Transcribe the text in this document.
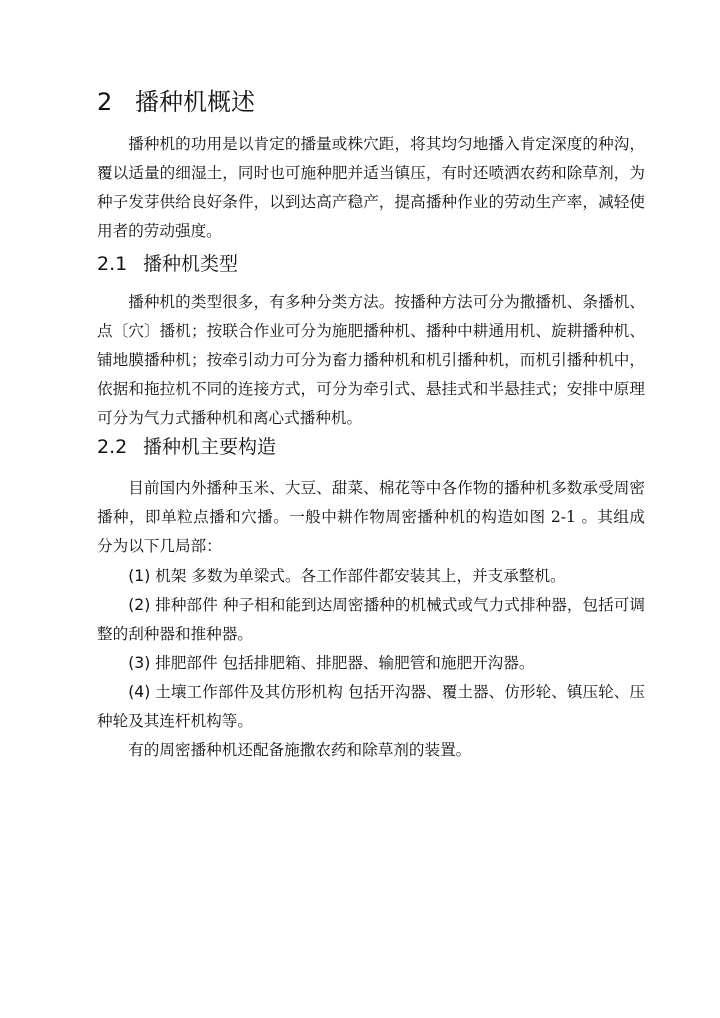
2 播种机概述

播种机的功用是以肯定的播量或株穴距，将其均匀地播入肯定深度的种沟，覆以适量的细湿土，同时也可施种肥并适当镇压，有时还喷洒农药和除草剂，为种子发芽供给良好条件，以到达高产稳产，提高播种作业的劳动生产率，减轻使用者的劳动强度。

2.1 播种机类型

播种机的类型很多，有多种分类方法。按播种方法可分为撒播机、条播机、点〔穴〕播机；按联合作业可分为施肥播种机、播种中耕通用机、旋耕播种机、铺地膜播种机；按牵引动力可分为畜力播种机和机引播种机，而机引播种机中，依据和拖拉机不同的连接方式，可分为牵引式、悬挂式和半悬挂式；安排中原理可分为气力式播种机和离心式播种机。

2.2 播种机主要构造

目前国内外播种玉米、大豆、甜菜、棉花等中各作物的播种机多数承受周密播种，即单粒点播和穴播。一般中耕作物周密播种机的构造如图 2-1 。其组成分为以下几局部：

(1) 机架 多数为单梁式。各工作部件都安装其上，并支承整机。

(2) 排种部件 种子相和能到达周密播种的机械式或气力式排种器，包括可调整的刮种器和推种器。

(3) 排肥部件 包括排肥箱、排肥器、输肥管和施肥开沟器。

(4) 土壤工作部件及其仿形机构 包括开沟器、覆土器、仿形轮、镇压轮、压种轮及其连杆机构等。

有的周密播种机还配备施撒农药和除草剂的装置。
